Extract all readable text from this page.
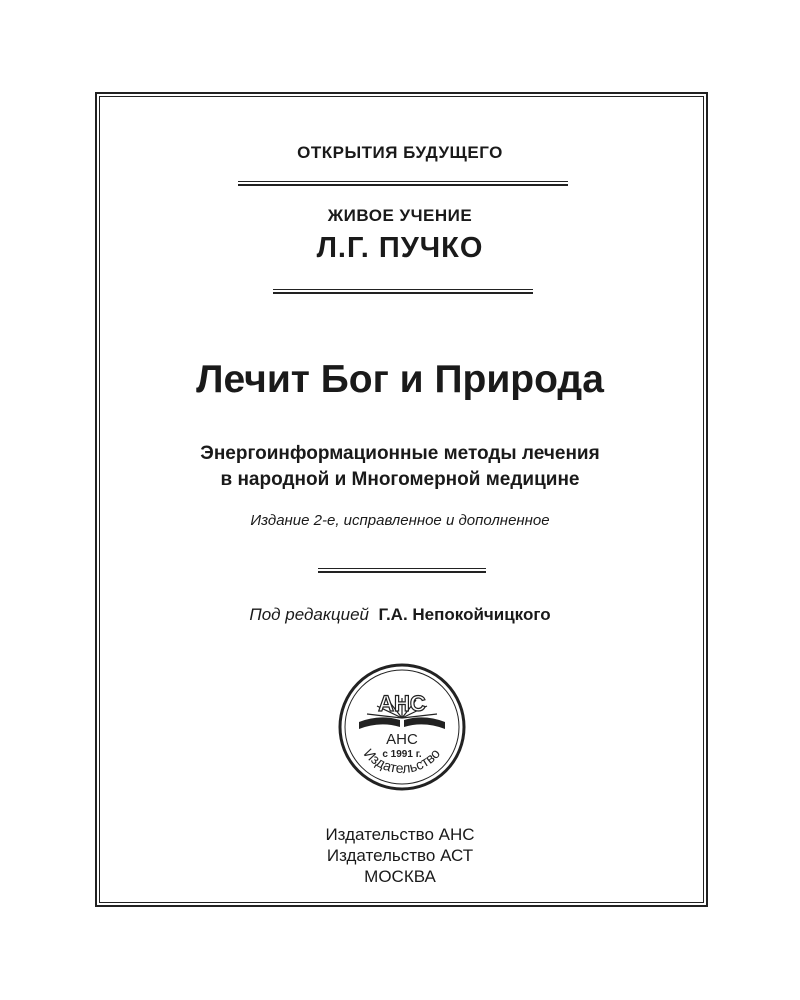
ОТКРЫТИЯ БУДУЩЕГО
ЖИВОЕ УЧЕНИЕ
Л.Г. ПУЧКО
Лечит Бог и Природа
Энергоинформационные методы лечения
в народной и Многомерной медицине
Издание 2-е, исправленное и дополненное
Под редакцией Г.А. Непокойчицкого
АНС
АНС
с 1991 г.
Издательство
Издательство АНС
Издательство АСТ
МОСКВА
